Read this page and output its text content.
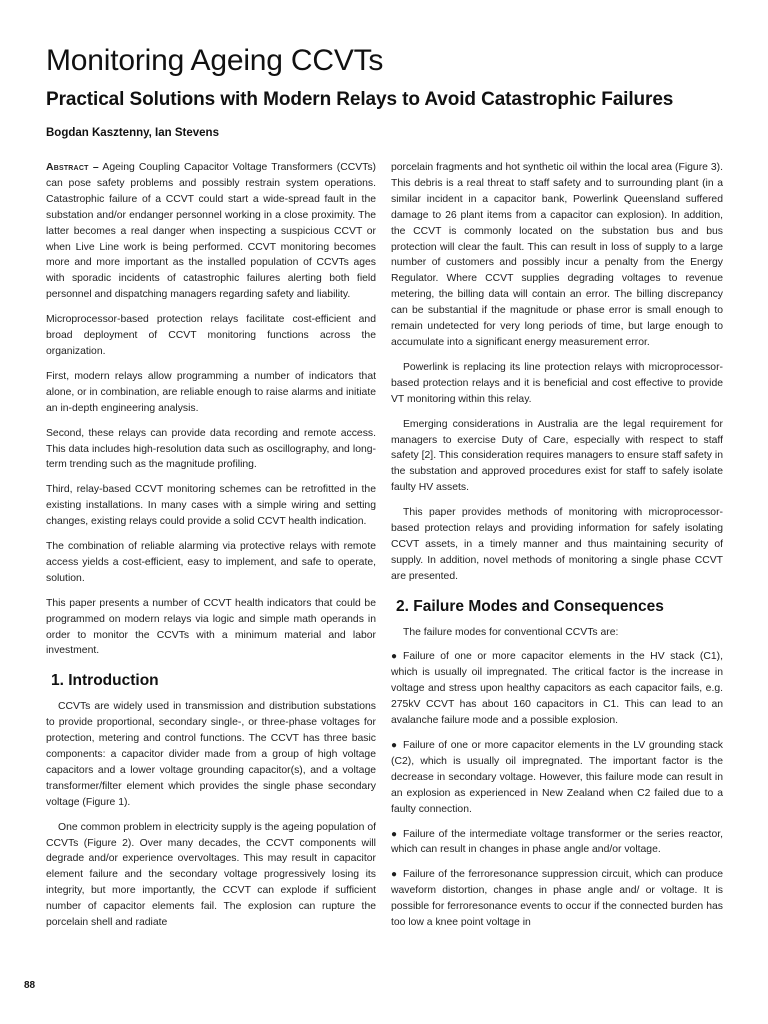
Monitoring Ageing CCVTs
Practical Solutions with Modern Relays to Avoid Catastrophic Failures
Bogdan Kasztenny, Ian Stevens

Abstract – Ageing Coupling Capacitor Voltage Transformers (CCVTs) can pose safety problems and possibly restrain system operations. Catastrophic failure of a CCVT could start a wide-spread fault in the substation and/or endanger personnel working in a close proximity. The latter becomes a real danger when inspecting a suspicious CCVT or when Live Line work is being performed. CCVT monitoring becomes more and more important as the installed population of CCVTs ages with sporadic incidents of catastrophic failures alerting both field personnel and dispatching managers regarding safety and liability.

Microprocessor-based protection relays facilitate cost-efficient and broad deployment of CCVT monitoring functions across the organization.

First, modern relays allow programming a number of indicators that alone, or in combination, are reliable enough to raise alarms and initiate an in-depth engineering analysis.

Second, these relays can provide data recording and remote access. This data includes high-resolution data such as oscillography, and long-term trending such as the magnitude profiling.

Third, relay-based CCVT monitoring schemes can be retrofitted in the existing installations. In many cases with a simple wiring and setting changes, existing relays could provide a solid CCVT health indication.

The combination of reliable alarming via protective relays with remote access yields a cost-efficient, easy to implement, and safe to operate, solution.

This paper presents a number of CCVT health indicators that could be programmed on modern relays via logic and simple math operands in order to monitor the CCVTs with a minimum material and labor investment.

1. Introduction

CCVTs are widely used in transmission and distribution substations to provide proportional, secondary single-, or three-phase voltages for protection, metering and control functions. The CCVT has three basic components: a capacitor divider made from a group of high voltage capacitors and a lower voltage grounding capacitor(s), and a voltage transformer/filter element which provides the single phase secondary voltage (Figure 1).

One common problem in electricity supply is the ageing population of CCVTs (Figure 2). Over many decades, the CCVT components will degrade and/or experience overvoltages. This may result in capacitor element failure and the secondary voltage progressively losing its integrity, but more importantly, the CCVT can explode if sufficient number of capacitor elements fail. The explosion can rupture the porcelain shell and radiate

porcelain fragments and hot synthetic oil within the local area (Figure 3). This debris is a real threat to staff safety and to surrounding plant (in a similar incident in a capacitor bank, Powerlink Queensland suffered damage to 26 plant items from a capacitor can explosion). In addition, the CCVT is commonly located on the substation bus and bus protection will clear the fault. This can result in loss of supply to a large number of customers and possibly incur a penalty from the Energy Regulator. Where CCVT supplies degrading voltages to revenue metering, the billing data will contain an error. The billing discrepancy can be substantial if the magnitude or phase error is small enough to remain undetected for very long periods of time, but large enough to accumulate into a significant energy measurement error.

Powerlink is replacing its line protection relays with microprocessor-based protection relays and it is beneficial and cost effective to provide VT monitoring within this relay.

Emerging considerations in Australia are the legal requirement for managers to exercise Duty of Care, especially with respect to staff safety [2]. This consideration requires managers to ensure staff safety in the substation and approved procedures exist for staff to safely isolate faulty HV assets.

This paper provides methods of monitoring with microprocessor-based protection relays and providing information for safely isolating CCVT assets, in a timely manner and thus maintaining security of supply. In addition, novel methods of monitoring a single phase CCVT are presented.

2. Failure Modes and Consequences

The failure modes for conventional CCVTs are:

● Failure of one or more capacitor elements in the HV stack (C1), which is usually oil impregnated. The critical factor is the increase in voltage and stress upon healthy capacitors as each capacitor fails, e.g. 275kV CCVT has about 160 capacitors in C1. This can lead to an avalanche failure mode and a possible explosion.

● Failure of one or more capacitor elements in the LV grounding stack (C2), which is usually oil impregnated. The important factor is the decrease in secondary voltage. However, this failure mode can result in an explosion as experienced in New Zealand when C2 failed due to a faulty connection.

● Failure of the intermediate voltage transformer or the series reactor, which can result in changes in phase angle and/or voltage.

● Failure of the ferroresonance suppression circuit, which can produce waveform distortion, changes in phase angle and/ or voltage. It is possible for ferroresonance events to occur if the connected burden has too low a knee point voltage in

88
